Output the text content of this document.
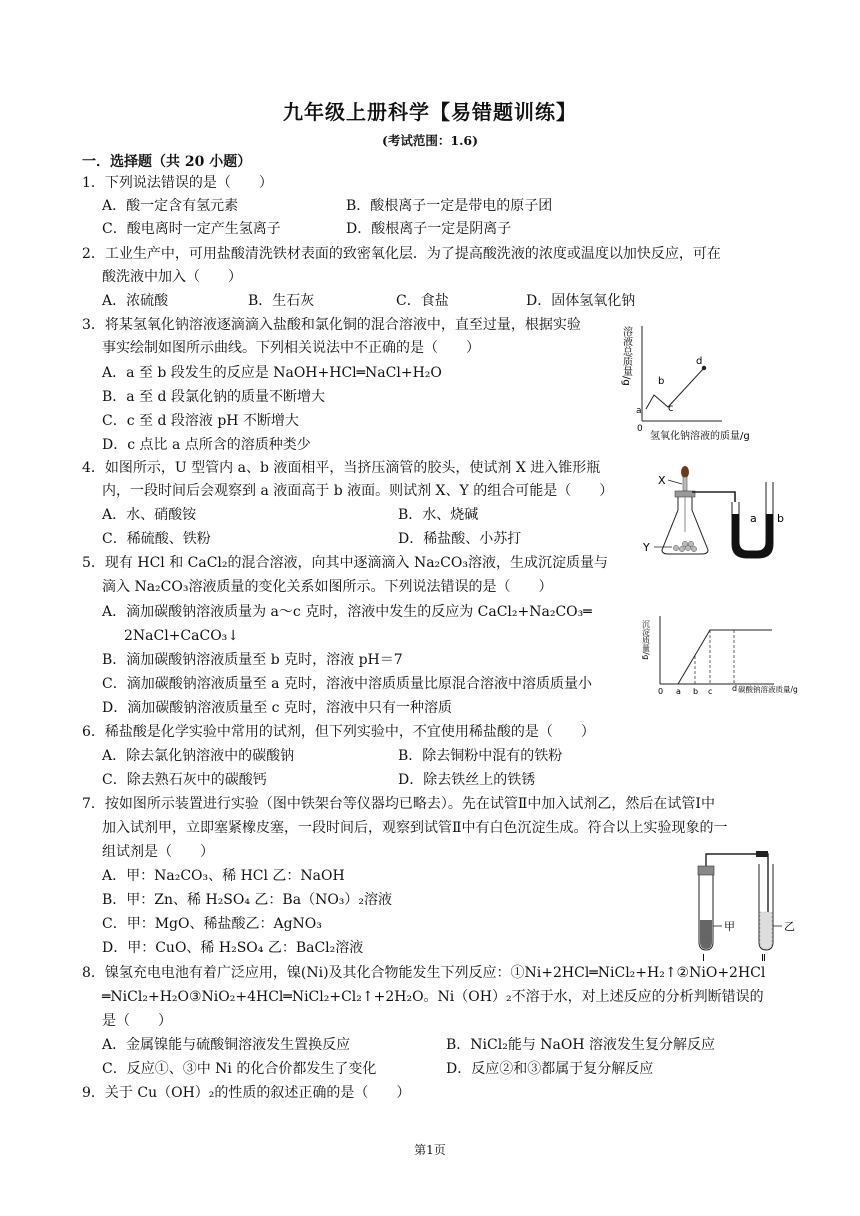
九年级上册科学【易错题训练】
(考试范围：1.6)
一．选择题（共 20 小题）
1．下列说法错误的是（　　）
A．酸一定含有氢元素	B．酸根离子一定是带电的原子团
C．酸电离时一定产生氢离子	D．酸根离子一定是阴离子
2．工业生产中，可用盐酸清洗铁材表面的致密氧化层．为了提高酸洗液的浓度或温度以加快反应，可在
酸洗液中加入（　　）
A．浓硫酸	B．生石灰	C．食盐	D．固体氢氧化钠
3．将某氢氧化钠溶液逐滴滴入盐酸和氯化铜的混合溶液中，直至过量，根据实验
事实绘制如图所示曲线。下列相关说法中不正确的是（　　）
A．a 至 b 段发生的反应是 NaOH+HCl═NaCl+H₂O
B．a 至 d 段氯化钠的质量不断增大
C．c 至 d 段溶液 pH 不断增大
D．c 点比 a 点所含的溶质种类少
溶液总质量/g
a
b
c
d
0
氢氧化钠溶液的质量/g
4．如图所示，U 型管内 a、b 液面相平，当挤压滴管的胶头，使试剂 X 进入锥形瓶
内，一段时间后会观察到 a 液面高于 b 液面。则试剂 X、Y 的组合可能是（　　）
A．水、硝酸铵	B．水、烧碱
C．稀硫酸、铁粉	D．稀盐酸、小苏打
X
Y
a b
5．现有 HCl 和 CaCl₂的混合溶液，向其中逐滴滴入 Na₂CO₃溶液，生成沉淀质量与
滴入 Na₂CO₃溶液质量的变化关系如图所示。下列说法错误的是（　　）
A．滴加碳酸钠溶液质量为 a～c 克时，溶液中发生的反应为 CaCl₂+Na₂CO₃═
2NaCl+CaCO₃↓
B．滴加碳酸钠溶液质量至 b 克时，溶液 pH＝7
C．滴加碳酸钠溶液质量至 a 克时，溶液中溶质质量比原混合溶液中溶质质量小
D．滴加碳酸钠溶液质量至 c 克时，溶液中只有一种溶质
沉淀质量/g
0 a b c d 碳酸钠溶液质量/g
6．稀盐酸是化学实验中常用的试剂，但下列实验中，不宜使用稀盐酸的是（　　）
A．除去氯化钠溶液中的碳酸钠	B．除去铜粉中混有的铁粉
C．除去熟石灰中的碳酸钙	D．除去铁丝上的铁锈
7．按如图所示装置进行实验（图中铁架台等仪器均已略去）。先在试管Ⅱ中加入试剂乙，然后在试管Ⅰ中
加入试剂甲，立即塞紧橡皮塞，一段时间后，观察到试管Ⅱ中有白色沉淀生成。符合以上实验现象的一
组试剂是（　　）
A．甲：Na₂CO₃、稀 HCl 乙：NaOH
B．甲：Zn、稀 H₂SO₄ 乙：Ba（NO₃）₂溶液
C．甲：MgO、稀盐酸乙：AgNO₃
D．甲：CuO、稀 H₂SO₄ 乙：BaCl₂溶液
甲
Ⅰ
乙
Ⅱ
8．镍氢充电电池有着广泛应用，镍(Ni)及其化合物能发生下列反应：①Ni+2HCl═NiCl₂+H₂↑②NiO+2HCl
═NiCl₂+H₂O③NiO₂+4HCl═NiCl₂+Cl₂↑+2H₂O。Ni（OH）₂不溶于水，对上述反应的分析判断错误的
是（　　）
A．金属镍能与硫酸铜溶液发生置换反应	B．NiCl₂能与 NaOH 溶液发生复分解反应
C．反应①、③中 Ni 的化合价都发生了变化	D．反应②和③都属于复分解反应
9．关于 Cu（OH）₂的性质的叙述正确的是（　　）
第1页
